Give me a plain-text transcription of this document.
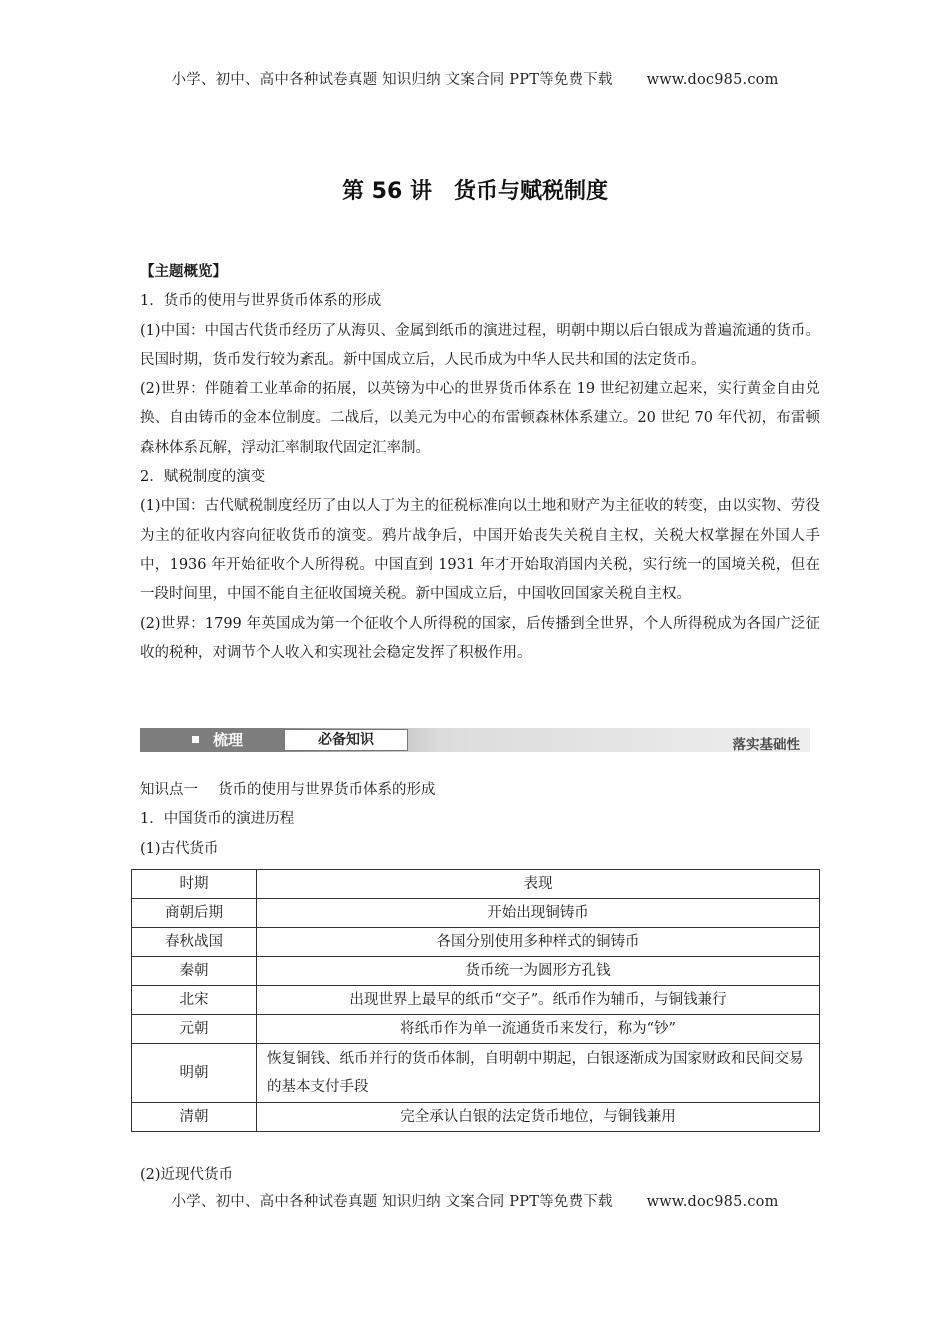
小学、初中、高中各种试卷真题 知识归纳 文案合同 PPT等免费下载 www.doc985.com
第 56 讲 货币与赋税制度

【主题概览】

1．货币的使用与世界货币体系的形成

(1)中国：中国古代货币经历了从海贝、金属到纸币的演进过程，明朝中期以后白银成为普遍流通的货币。民国时期，货币发行较为紊乱。新中国成立后，人民币成为中华人民共和国的法定货币。

(2)世界：伴随着工业革命的拓展，以英镑为中心的世界货币体系在 19 世纪初建立起来，实行黄金自由兑换、自由铸币的金本位制度。二战后，以美元为中心的布雷顿森林体系建立。20 世纪 70 年代初，布雷顿森林体系瓦解，浮动汇率制取代固定汇率制。

2．赋税制度的演变

(1)中国：古代赋税制度经历了由以人丁为主的征税标准向以土地和财产为主征收的转变，由以实物、劳役为主的征收内容向征收货币的演变。鸦片战争后，中国开始丧失关税自主权，关税大权掌握在外国人手中，1936 年开始征收个人所得税。中国直到 1931 年才开始取消国内关税，实行统一的国境关税，但在一段时间里，中国不能自主征收国境关税。新中国成立后，中国收回国家关税自主权。

(2)世界：1799 年英国成为第一个征收个人所得税的国家，后传播到全世界，个人所得税成为各国广泛征收的税种，对调节个人收入和实现社会稳定发挥了积极作用。

梳理	必备知识	落实基础性

知识点一 货币的使用与世界货币体系的形成

1．中国货币的演进历程

(1)古代货币

时期	表现
商朝后期	开始出现铜铸币
春秋战国	各国分别使用多种样式的铜铸币
秦朝	货币统一为圆形方孔钱
北宋	出现世界上最早的纸币“交子”。纸币作为辅币，与铜钱兼行
元朝	将纸币作为单一流通货币来发行，称为“钞”
明朝	恢复铜钱、纸币并行的货币体制，自明朝中期起，白银逐渐成为国家财政和民间交易的基本支付手段
清朝	完全承认白银的法定货币地位，与铜钱兼用
(2)近现代货币
小学、初中、高中各种试卷真题 知识归纳 文案合同 PPT等免费下载 www.doc985.com
